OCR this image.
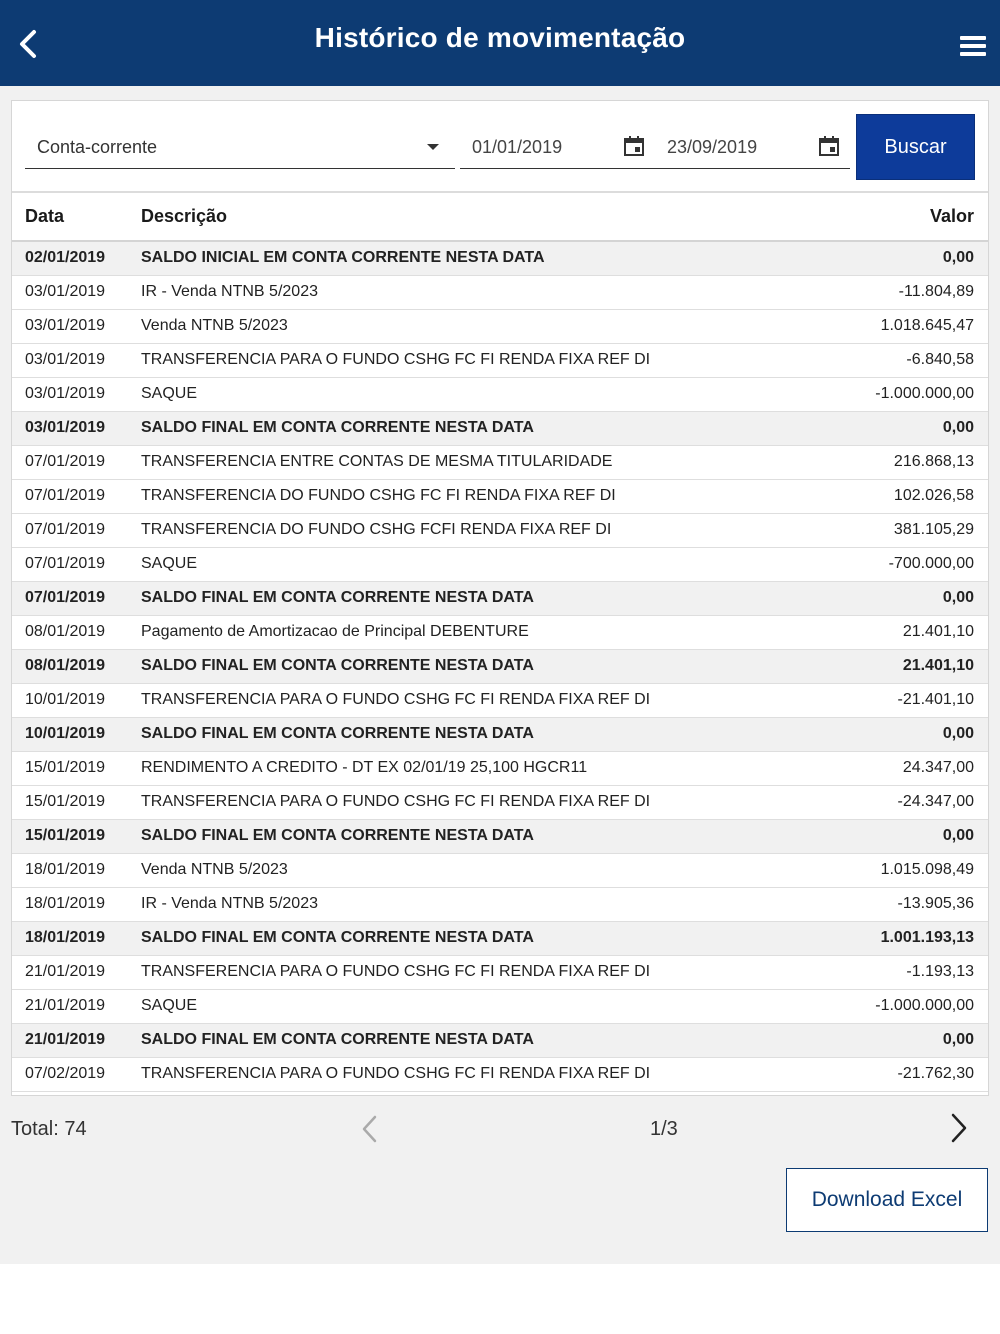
Histórico de movimentação
Conta-corrente	01/01/2019	23/09/2019	Buscar
Data	Descrição	Valor
02/01/2019	SALDO INICIAL EM CONTA CORRENTE NESTA DATA	0,00
03/01/2019	IR - Venda NTNB 5/2023	-11.804,89
03/01/2019	Venda NTNB 5/2023	1.018.645,47
03/01/2019	TRANSFERENCIA PARA O FUNDO CSHG FC FI RENDA FIXA REF DI	-6.840,58
03/01/2019	SAQUE	-1.000.000,00
03/01/2019	SALDO FINAL EM CONTA CORRENTE NESTA DATA	0,00
07/01/2019	TRANSFERENCIA ENTRE CONTAS DE MESMA TITULARIDADE	216.868,13
07/01/2019	TRANSFERENCIA DO FUNDO CSHG FC FI RENDA FIXA REF DI	102.026,58
07/01/2019	TRANSFERENCIA DO FUNDO CSHG FCFI RENDA FIXA REF DI	381.105,29
07/01/2019	SAQUE	-700.000,00
07/01/2019	SALDO FINAL EM CONTA CORRENTE NESTA DATA	0,00
08/01/2019	Pagamento de Amortizacao de Principal DEBENTURE	21.401,10
08/01/2019	SALDO FINAL EM CONTA CORRENTE NESTA DATA	21.401,10
10/01/2019	TRANSFERENCIA PARA O FUNDO CSHG FC FI RENDA FIXA REF DI	-21.401,10
10/01/2019	SALDO FINAL EM CONTA CORRENTE NESTA DATA	0,00
15/01/2019	RENDIMENTO A CREDITO - DT EX 02/01/19 25,100 HGCR11	24.347,00
15/01/2019	TRANSFERENCIA PARA O FUNDO CSHG FC FI RENDA FIXA REF DI	-24.347,00
15/01/2019	SALDO FINAL EM CONTA CORRENTE NESTA DATA	0,00
18/01/2019	Venda NTNB 5/2023	1.015.098,49
18/01/2019	IR - Venda NTNB 5/2023	-13.905,36
18/01/2019	SALDO FINAL EM CONTA CORRENTE NESTA DATA	1.001.193,13
21/01/2019	TRANSFERENCIA PARA O FUNDO CSHG FC FI RENDA FIXA REF DI	-1.193,13
21/01/2019	SAQUE	-1.000.000,00
21/01/2019	SALDO FINAL EM CONTA CORRENTE NESTA DATA	0,00
07/02/2019	TRANSFERENCIA PARA O FUNDO CSHG FC FI RENDA FIXA REF DI	-21.762,30
Total: 74	1/3
Download Excel
